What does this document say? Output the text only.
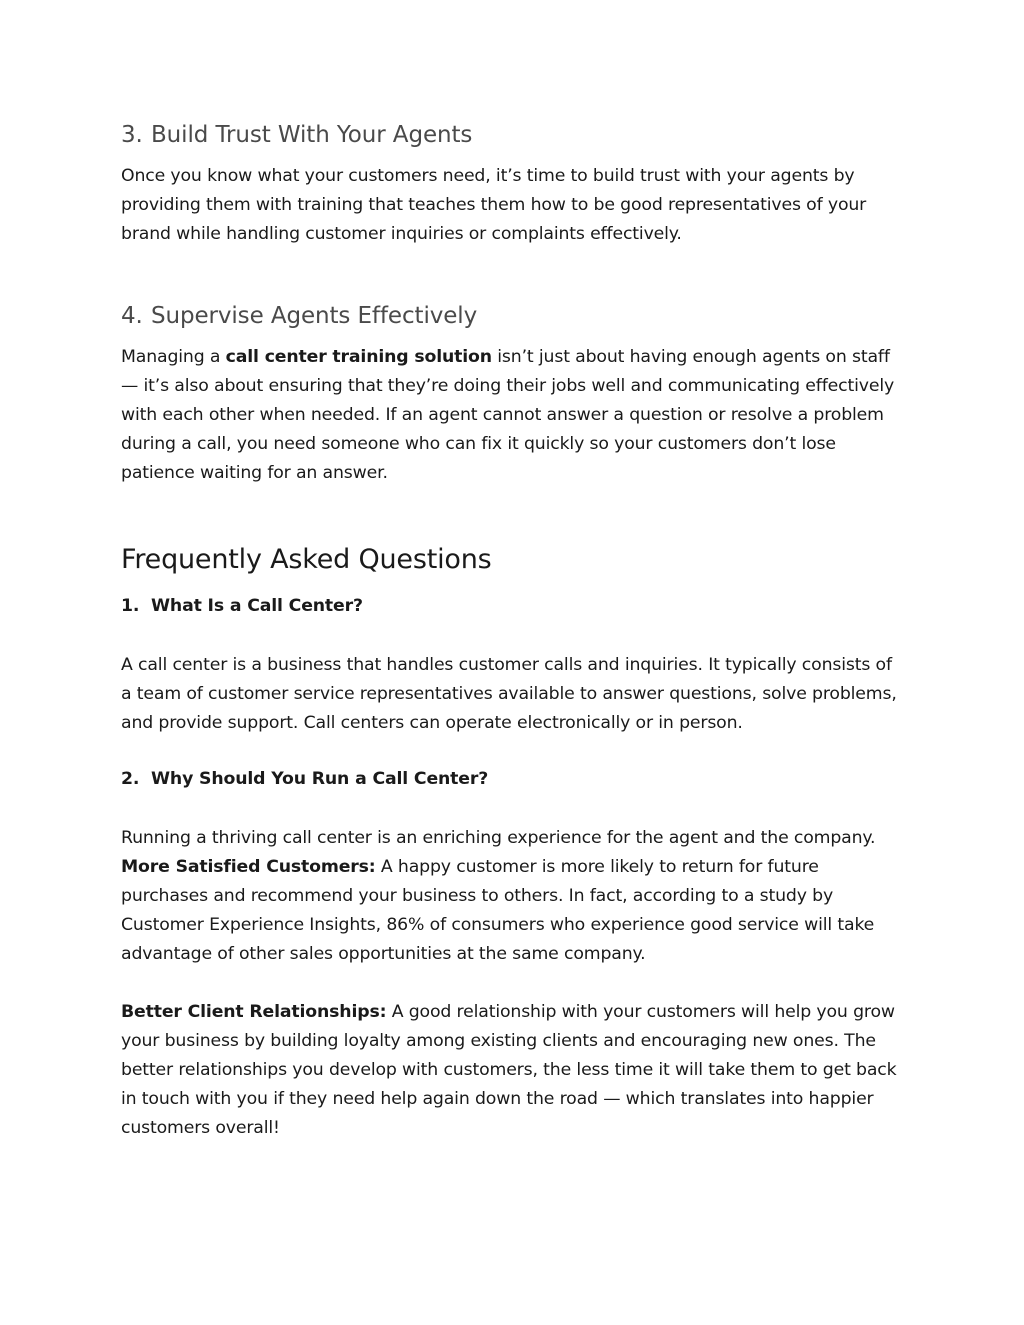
3. Build Trust With Your Agents

Once you know what your customers need, it’s time to build trust with your agents by providing them with training that teaches them how to be good representatives of your brand while handling customer inquiries or complaints effectively.

4. Supervise Agents Effectively

Managing a call center training solution isn’t just about having enough agents on staff — it’s also about ensuring that they’re doing their jobs well and communicating effectively with each other when needed. If an agent cannot answer a question or resolve a problem during a call, you need someone who can fix it quickly so your customers don’t lose patience waiting for an answer.

Frequently Asked Questions

1. What Is a Call Center?

A call center is a business that handles customer calls and inquiries. It typically consists of a team of customer service representatives available to answer questions, solve problems, and provide support. Call centers can operate electronically or in person.

2. Why Should You Run a Call Center?

Running a thriving call center is an enriching experience for the agent and the company.
More Satisfied Customers: A happy customer is more likely to return for future purchases and recommend your business to others. In fact, according to a study by Customer Experience Insights, 86% of consumers who experience good service will take advantage of other sales opportunities at the same company.

Better Client Relationships: A good relationship with your customers will help you grow your business by building loyalty among existing clients and encouraging new ones. The better relationships you develop with customers, the less time it will take them to get back in touch with you if they need help again down the road — which translates into happier customers overall!
